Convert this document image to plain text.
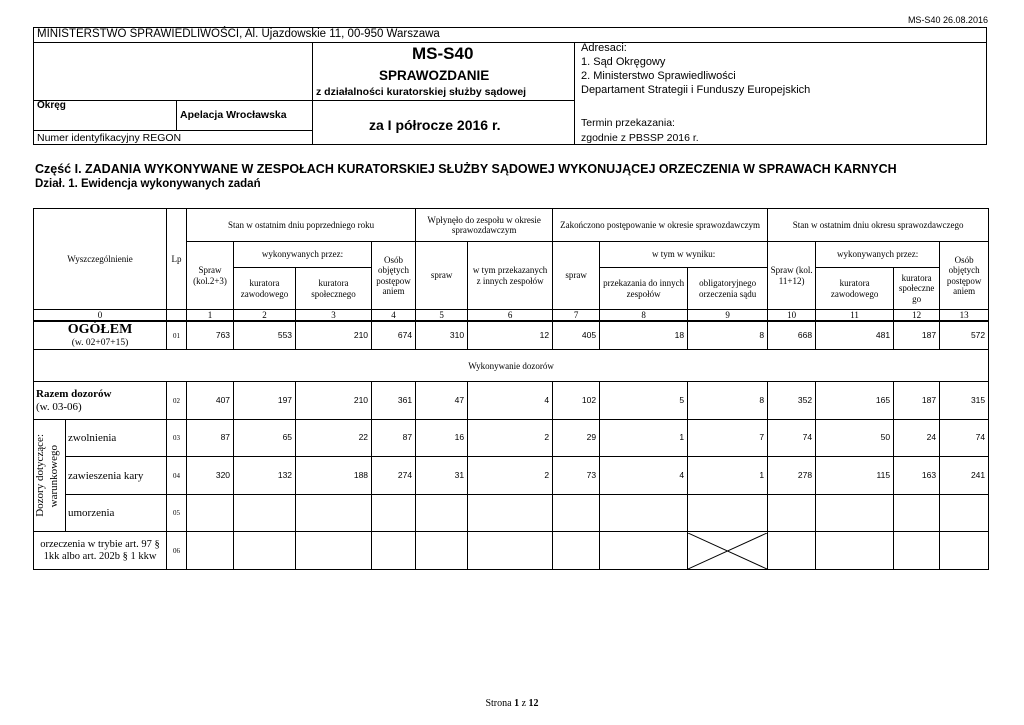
MS-S40 26.08.2016
MINISTERSTWO SPRAWIEDLIWOŚCI, Al. Ujazdowskie 11, 00-950 Warszawa
MS-S40
SPRAWOZDANIE
z działalności kuratorskiej służby sądowej
Adresaci:
1. Sąd Okręgowy
2. Ministerstwo Sprawiedliwości
Departament Strategii i Funduszy Europejskich
Okręg
Apelacja Wrocławska
za I półrocze 2016 r.
Numer identyfikacyjny REGON
Termin przekazania:
zgodnie z PBSSP 2016 r.
Część I. ZADANIA WYKONYWANE W ZESPOŁACH KURATORSKIEJ SŁUŻBY SĄDOWEJ WYKONUJĄCEJ ORZECZENIA W SPRAWACH KARNYCH
Dział. 1. Ewidencja wykonywanych zadań
Wyszczególnienie		Lp	Stan w ostatnim dniu poprzedniego roku				Wpłynęło do zespołu w okresie sprawozdawczym		Zakończono postępowanie w okresie sprawozdawczym			Stan w ostatnim dniu okresu sprawozdawczego			
			Spraw (kol.2+3)	wykonywanych przez:		Osób objętych postępow aniem	spraw	w tym przekazanych z innych zespołów	spraw	w tym w wyniku:		Spraw (kol. 11+12)	wykonywanych przez:		Osób objętych postępow aniem
				kuratora zawodowego	kuratora społecznego					przekazania do innych zespołów	obligatoryjnego orzeczenia sądu		kuratora zawodowego	kuratora społeczne go	
0			1	2	3	4	5	6	7	8	9	10	11	12	13

OGÓŁEM
(w. 02+07+15)		01	763	553	210	674	310	12	405	18	8	668	481	187	572
Wykonywanie dozorów															

Razem dozorów
(w. 03-06)		02	407	197	210	361	47	4	102	5	8	352	165	187	315

Dozory dotyczące: warunkowego	zwolnienia	03	87	65	22	87	16	2	29	1	7	74	50	24	74
	zawieszenia kary	04	320	132	188	274	31	2	73	4	1	278	115	163	241
	umorzenia	05													
orzeczenia w trybie art. 97 § 1kk albo art. 202b § 1 kkw		06									

Strona 1 z 12
